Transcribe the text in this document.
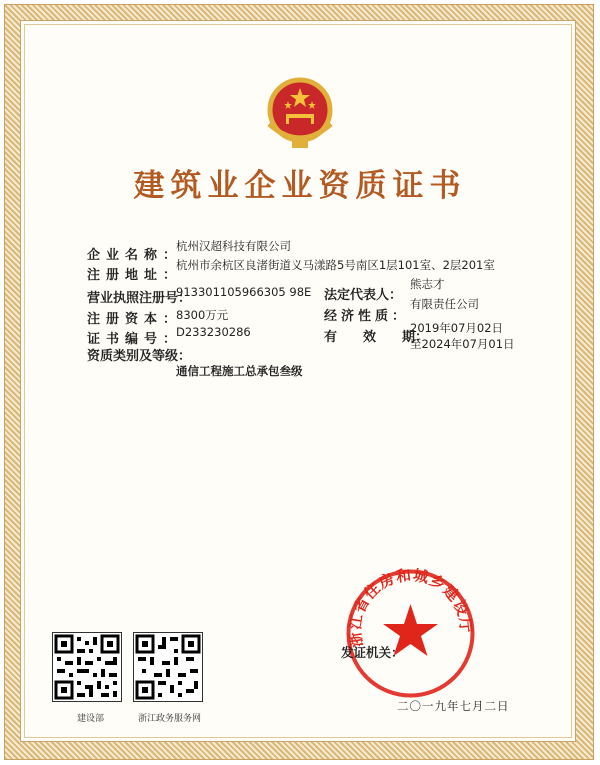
建筑业企业资质证书
企业名称：
杭州汉超科技有限公司
注册地址：
杭州市余杭区良渚街道义马漾路5号南区1层101室、2层201室
营业执照注册号：
913301105966305 98E
注册资本：
8300万元
证书编号：
D233230286
资质类别及等级：
通信工程施工总承包叁级
法定代表人：
熊志才
经济性质：
有限责任公司
有　　效　　期：
2019年07月02日
至2024年07月01日
建设部	浙江政务服务网
浙江省住房和城乡建设厅
发证机关：
二〇一九年七月二日
